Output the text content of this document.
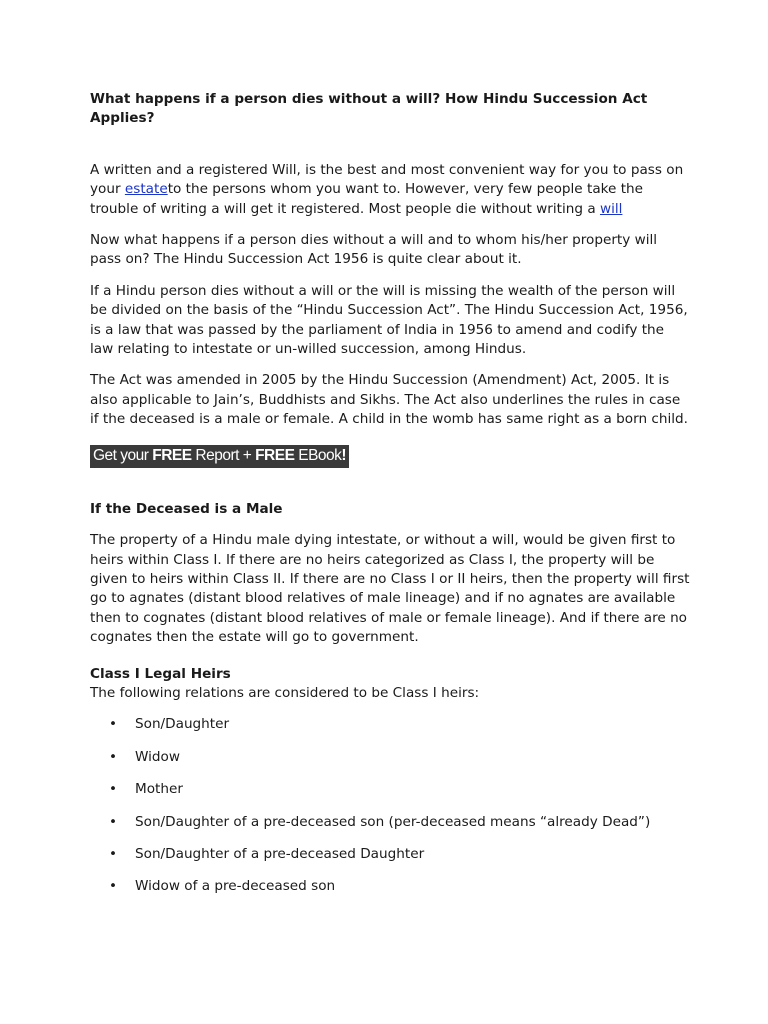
What happens if a person dies without a will? How Hindu Succession Act Applies?

A written and a registered Will, is the best and most convenient way for you to pass on your estateto the persons whom you want to. However, very few people take the trouble of writing a will get it registered. Most people die without writing a will

Now what happens if a person dies without a will and to whom his/her property will pass on? The Hindu Succession Act 1956 is quite clear about it.

If a Hindu person dies without a will or the will is missing the wealth of the person will be divided on the basis of the “Hindu Succession Act”. The Hindu Succession Act, 1956, is a law that was passed by the parliament of India in 1956 to amend and codify the law relating to intestate or un-willed succession, among Hindus.

The Act was amended in 2005 by the Hindu Succession (Amendment) Act, 2005. It is also applicable to Jain’s, Buddhists and Sikhs. The Act also underlines the rules in case if the deceased is a male or female. A child in the womb has same right as a born child.

Get your FREE Report + FREE EBook!
If the Deceased is a Male

The property of a Hindu male dying intestate, or without a will, would be given first to heirs within Class I. If there are no heirs categorized as Class I, the property will be given to heirs within Class II. If there are no Class I or II heirs, then the property will first go to agnates (distant blood relatives of male lineage) and if no agnates are available then to cognates (distant blood relatives of male or female lineage). And if there are no cognates then the estate will go to government.

Class I Legal Heirs
The following relations are considered to be Class I heirs:
• Son/Daughter
• Widow
• Mother
• Son/Daughter of a pre-deceased son (per-deceased means “already Dead”)
• Son/Daughter of a pre-deceased Daughter
• Widow of a pre-deceased son
